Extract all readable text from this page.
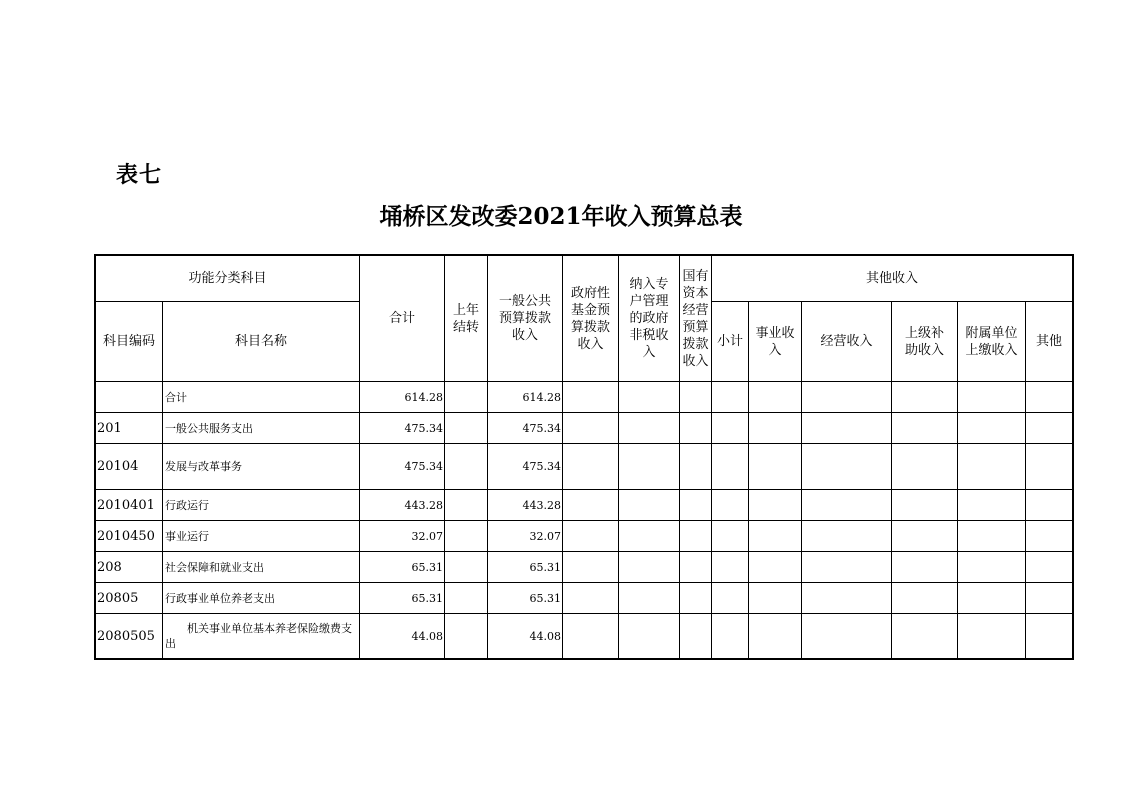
表七
埇桥区发改委2021年收入预算总表
功能分类科目		合计	上年结转	一般公共预算拨款收入	政府性基金预算拨款收入	纳入专户管理的政府非税收入	国有资本经营预算拨款收入	其他收入					
科目编码	科目名称							小计	事业收入	经营收入	上级补助收入	附属单位上缴收入	其他
	合计	614.28		614.28									
201	一般公共服务支出	475.34		475.34									
20104	发展与改革事务	475.34		475.34									
2010401	行政运行	443.28		443.28									
2010450	事业运行	32.07		32.07									
208	社会保障和就业支出	65.31		65.31									
20805	行政事业单位养老支出	65.31		65.31									
2080505	机关事业单位基本养老保险缴费支出	44.08		44.08									
